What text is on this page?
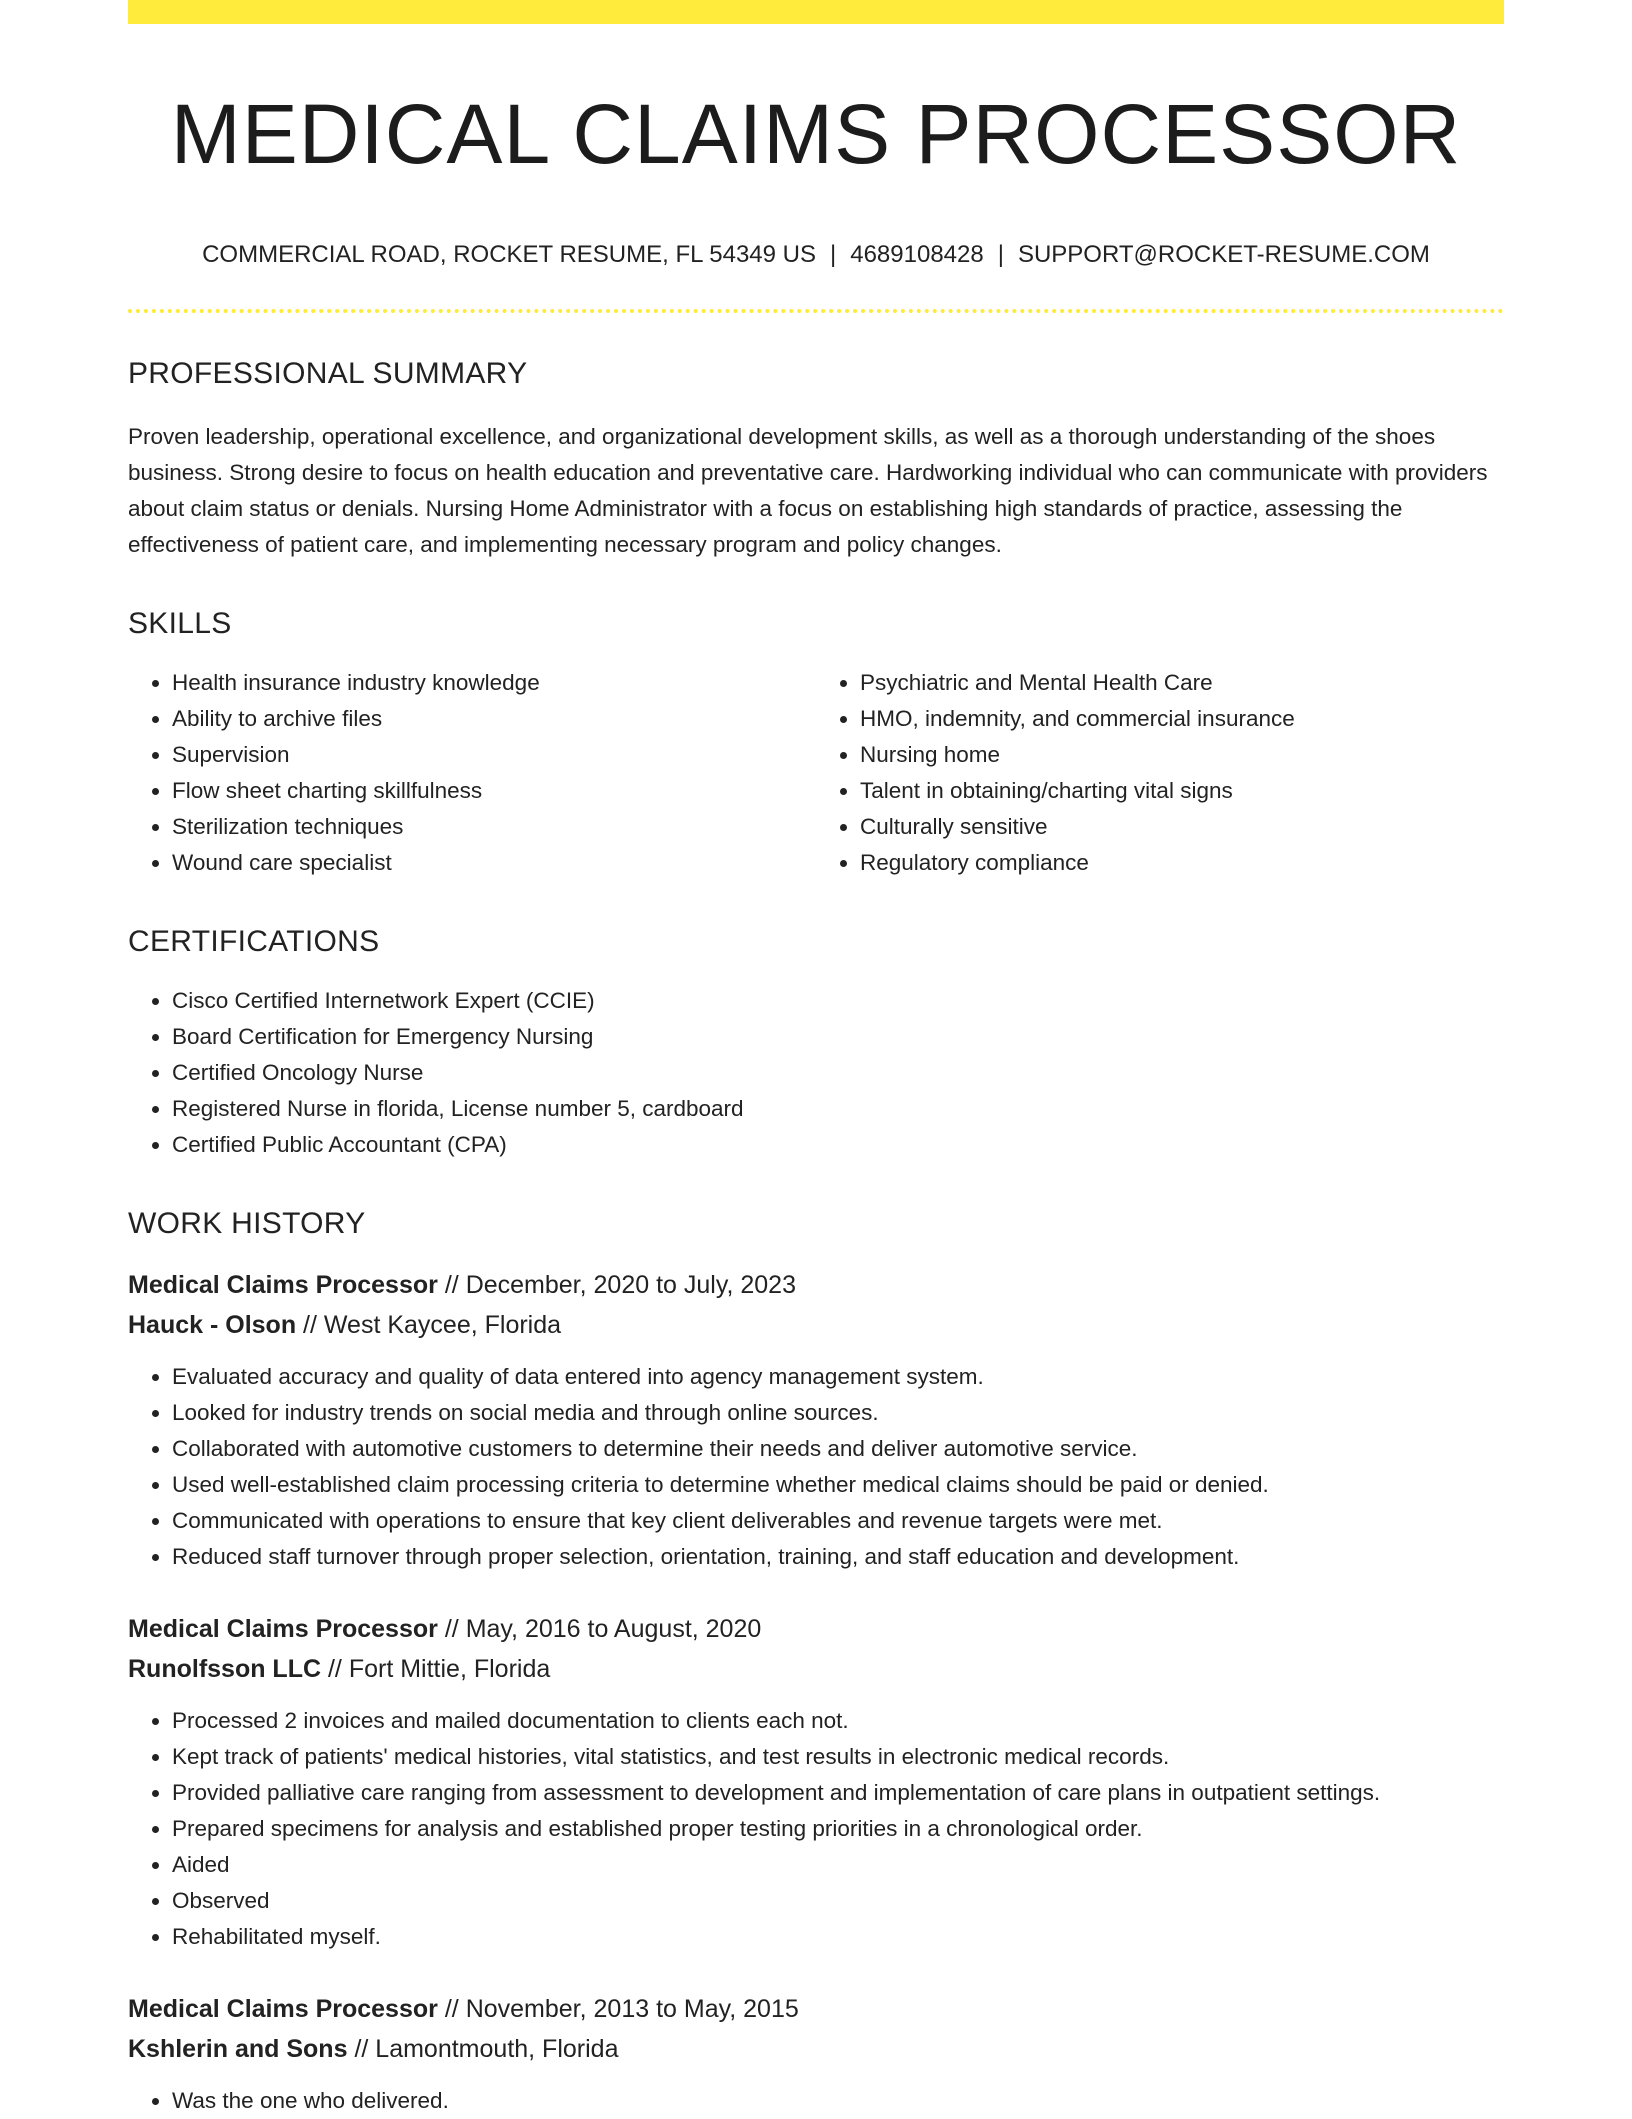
MEDICAL CLAIMS PROCESSOR
COMMERCIAL ROAD, ROCKET RESUME, FL 54349 US | 4689108428 | SUPPORT@ROCKET-RESUME.COM
PROFESSIONAL SUMMARY

Proven leadership, operational excellence, and organizational development skills, as well as a thorough understanding of the shoes business. Strong desire to focus on health education and preventative care. Hardworking individual who can communicate with providers about claim status or denials. Nursing Home Administrator with a focus on establishing high standards of practice, assessing the effectiveness of patient care, and implementing necessary program and policy changes.

SKILLS
• Health insurance industry knowledge
• Ability to archive files
• Supervision
• Flow sheet charting skillfulness
• Sterilization techniques
• Wound care specialist
• Psychiatric and Mental Health Care
• HMO, indemnity, and commercial insurance
• Nursing home
• Talent in obtaining/charting vital signs
• Culturally sensitive
• Regulatory compliance
CERTIFICATIONS
• Cisco Certified Internetwork Expert (CCIE)
• Board Certification for Emergency Nursing
• Certified Oncology Nurse
• Registered Nurse in florida, License number 5, cardboard
• Certified Public Accountant (CPA)
WORK HISTORY
Medical Claims Processor // December, 2020 to July, 2023
Hauck - Olson // West Kaycee, Florida
• Evaluated accuracy and quality of data entered into agency management system.
• Looked for industry trends on social media and through online sources.
• Collaborated with automotive customers to determine their needs and deliver automotive service.
• Used well-established claim processing criteria to determine whether medical claims should be paid or denied.
• Communicated with operations to ensure that key client deliverables and revenue targets were met.
• Reduced staff turnover through proper selection, orientation, training, and staff education and development.
Medical Claims Processor // May, 2016 to August, 2020
Runolfsson LLC // Fort Mittie, Florida
• Processed 2 invoices and mailed documentation to clients each not.
• Kept track of patients' medical histories, vital statistics, and test results in electronic medical records.
• Provided palliative care ranging from assessment to development and implementation of care plans in outpatient settings.
• Prepared specimens for analysis and established proper testing priorities in a chronological order.
• Aided
• Observed
• Rehabilitated myself.
Medical Claims Processor // November, 2013 to May, 2015
Kshlerin and Sons // Lamontmouth, Florida
• Was the one who delivered.
